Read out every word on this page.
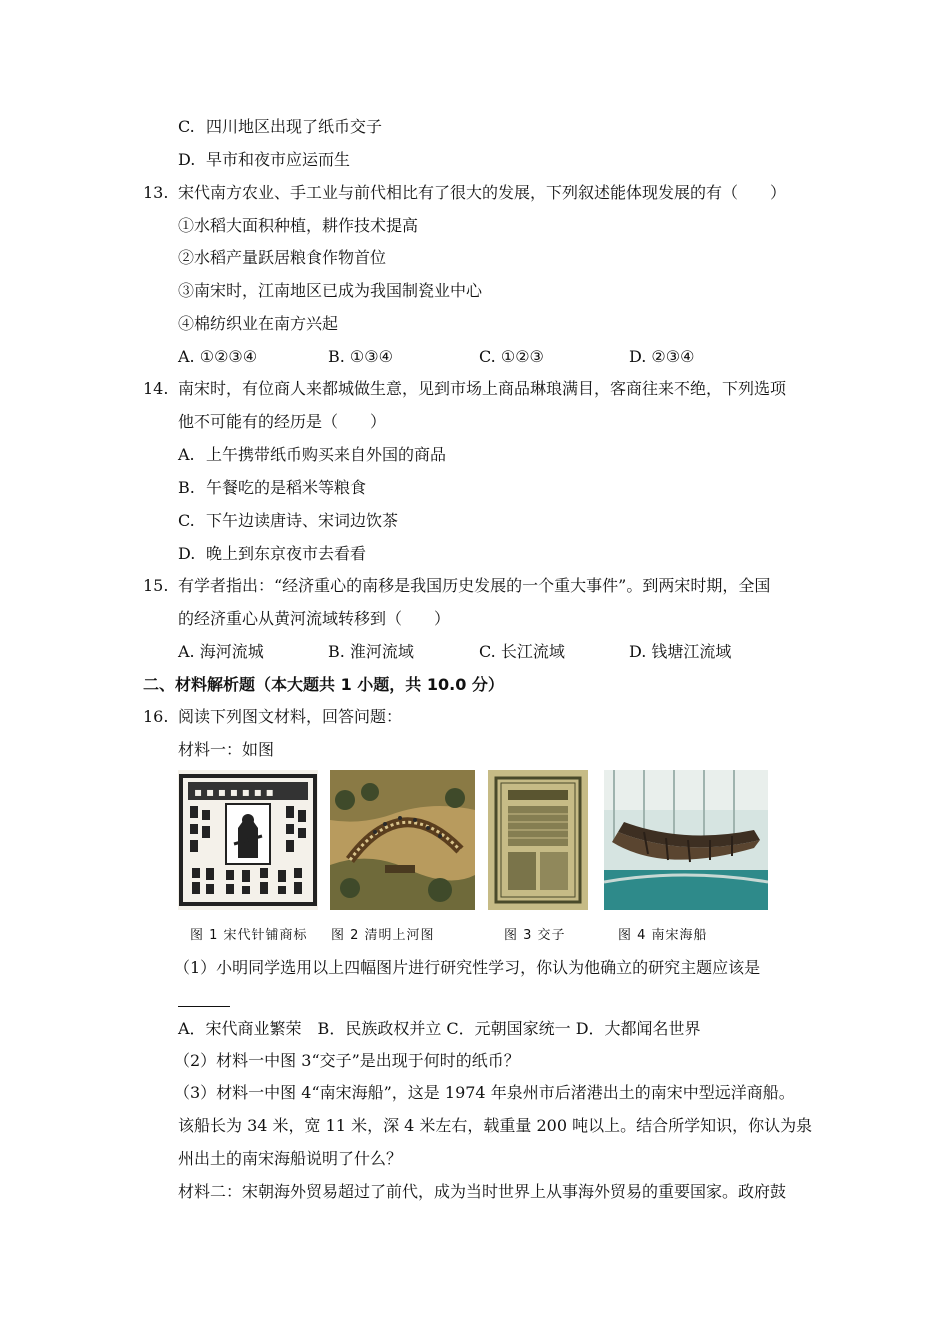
C. 四川地区出现了纸币交子
D. 早市和夜市应运而生
13. 宋代南方农业、手工业与前代相比有了很大的发展，下列叙述能体现发展的有（　　）
①水稻大面积种植，耕作技术提高
②水稻产量跃居粮食作物首位
③南宋时，江南地区已成为我国制瓷业中心
④棉纺织业在南方兴起
A. ①②③④	B. ①③④	C. ①②③	D. ②③④
14. 南宋时，有位商人来都城做生意，见到市场上商品琳琅满目，客商往来不绝，下列选项
他不可能有的经历是（　　）
A. 上午携带纸币购买来自外国的商品
B. 午餐吃的是稻米等粮食
C. 下午边读唐诗、宋词边饮茶
D. 晚上到东京夜市去看看
15. 有学者指出：“经济重心的南移是我国历史发展的一个重大事件”。到两宋时期，全国
的经济重心从黄河流域转移到（　　）
A. 海河流城	B. 淮河流域	C. 长江流域	D. 钱塘江流域
二、材料解析题（本大题共 1 小题，共 10.0 分）
16. 阅读下列图文材料，回答问题：
材料一：如图
▪ ▪ ▪ ▪ ▪ ▪ ▪
图 1 宋代针铺商标 图 2 清明上河图	图 3 交子	图 4 南宋海船
（1）小明同学选用以上四幅图片进行研究性学习，你认为他确立的研究主题应该是
A．宋代商业繁荣　B．民族政权并立 C．元朝国家统一 D．大都闻名世界
（2）材料一中图 3“交子”是出现于何时的纸币？
（3）材料一中图 4“南宋海船”，这是 1974 年泉州市后渚港出土的南宋中型远洋商船。
该船长为 34 米，宽 11 米，深 4 米左右，载重量 200 吨以上。结合所学知识，你认为泉
州出土的南宋海船说明了什么？
材料二：宋朝海外贸易超过了前代，成为当时世界上从事海外贸易的重要国家。政府鼓
